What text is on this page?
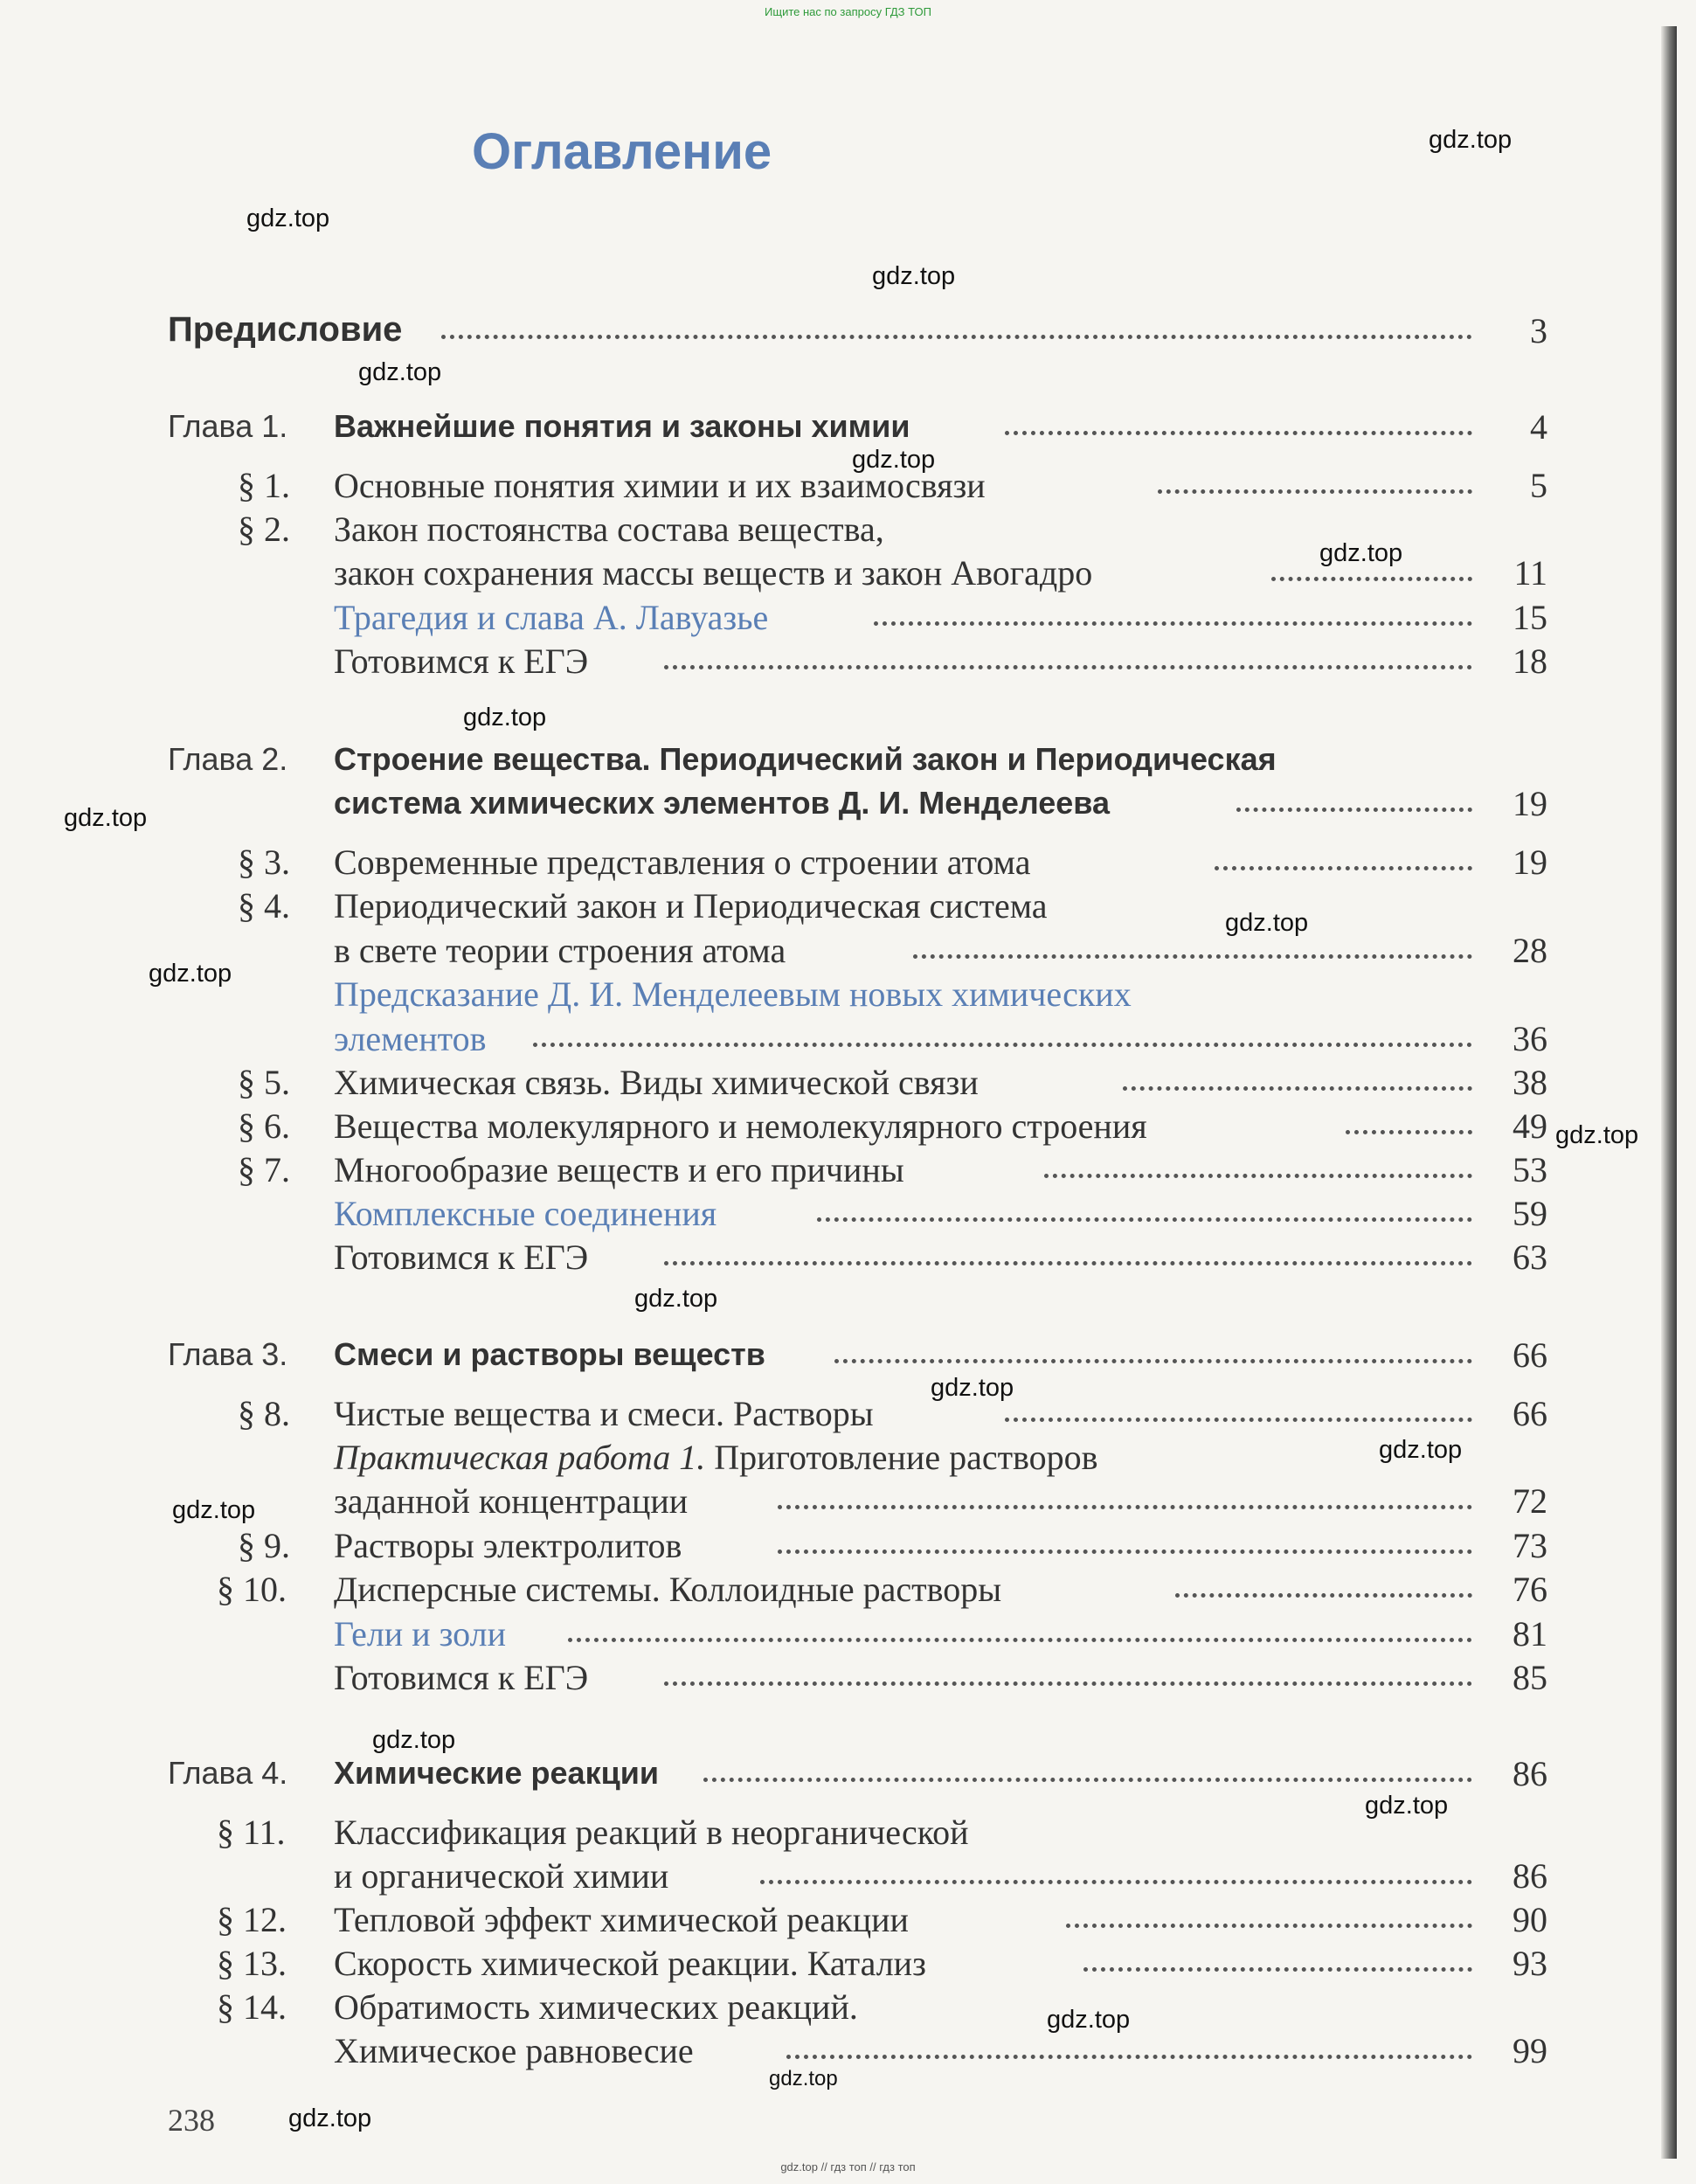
Ищите нас по запросу ГДЗ ТОП
Оглавление
Предисловие	3
Глава 1. Важнейшие понятия и законы химии	4
§ 1. Основные понятия химии и их взаимосвязи	5
§ 2. Закон постоянства состава вещества,
закон сохранения массы веществ и закон Авогадро	11
Трагедия и слава А. Лавуазье	15
Готовимся к ЕГЭ	18
Глава 2. Строение вещества. Периодический закон и Периодическая
система химических элементов Д. И. Менделеева	19
§ 3. Современные представления о строении атома	19
§ 4. Периодический закон и Периодическая система
в свете теории строения атома	28
Предсказание Д. И. Менделеевым новых химических
элементов	36
§ 5. Химическая связь. Виды химической связи	38
§ 6. Вещества молекулярного и немолекулярного строения	49
§ 7. Многообразие веществ и его причины	53
Комплексные соединения	59
Готовимся к ЕГЭ	63
Глава 3. Смеси и растворы веществ	66
§ 8. Чистые вещества и смеси. Растворы	66
Практическая работа 1. Приготовление растворов
заданной концентрации	72
§ 9. Растворы электролитов	73
§ 10. Дисперсные системы. Коллоидные растворы	76
Гели и золи	81
Готовимся к ЕГЭ	85
Глава 4. Химические реакции	86
§ 11. Классификация реакций в неорганической
и органической химии	86
§ 12. Тепловой эффект химической реакции	90
§ 13. Скорость химической реакции. Катализ	93
§ 14. Обратимость химических реакций.
Химическое равновесие	99
238
gdz.top // гдз топ // гдз топ
gdz.top
gdz.top
gdz.top
gdz.top
gdz.top
gdz.top
gdz.top
gdz.top
gdz.top
gdz.top
gdz.top
gdz.top
gdz.top
gdz.top
gdz.top
gdz.top
gdz.top
gdz.top
gdz.top
gdz.top
